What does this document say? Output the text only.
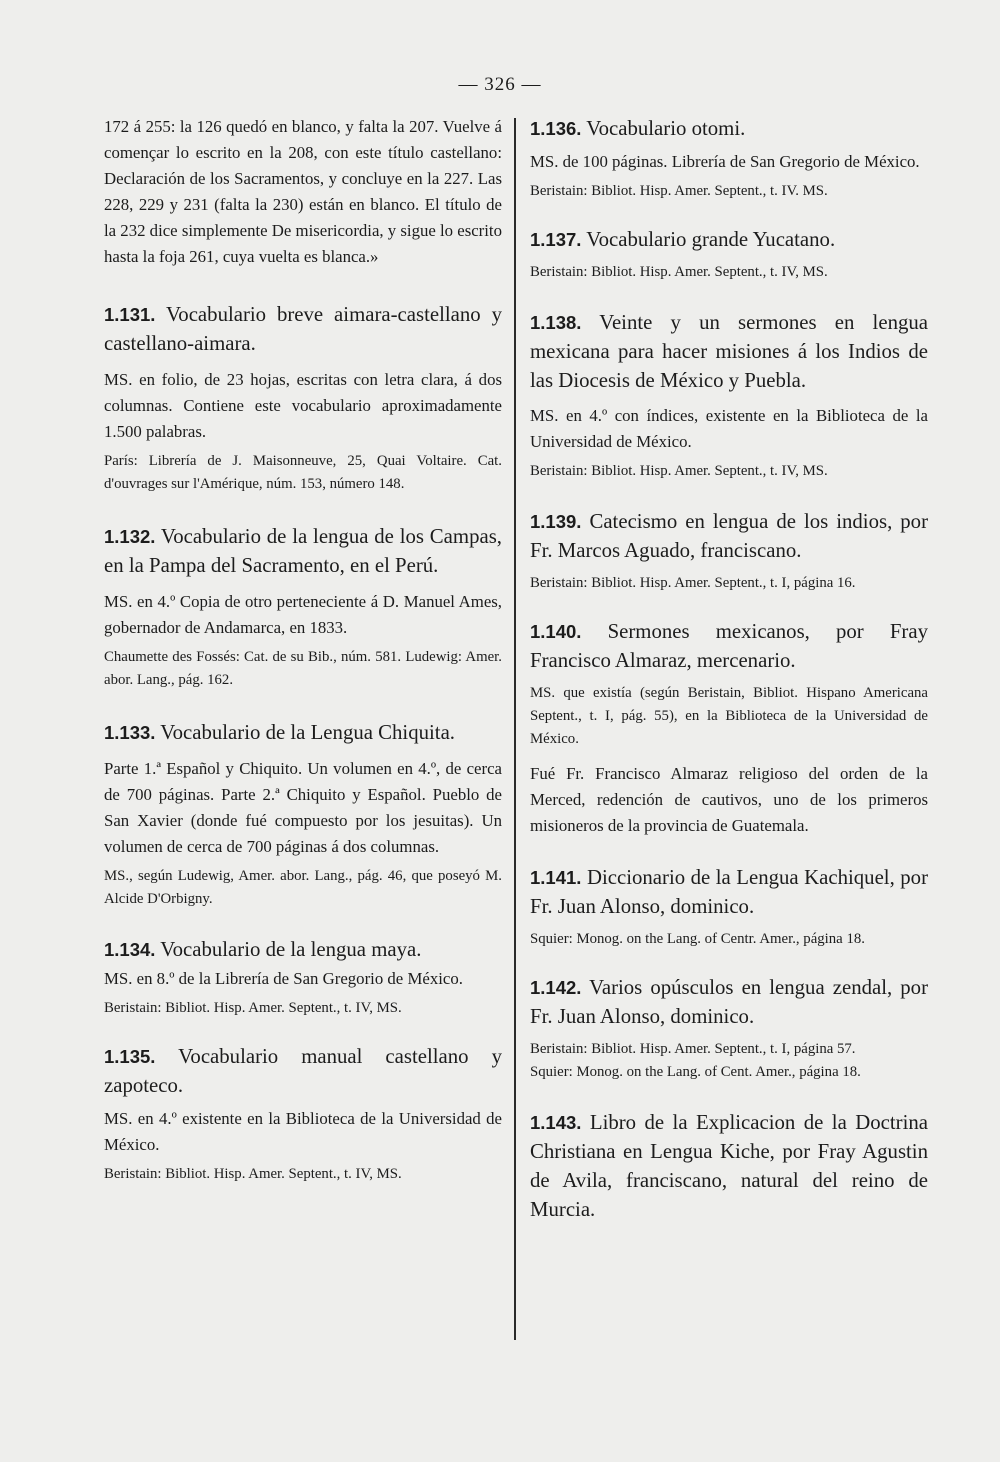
— 326 —

172 á 255: la 126 quedó en blanco, y falta la 207. Vuelve á començar lo escrito en la 208, con este título castellano: Declaración de los Sacramentos, y concluye en la 227. Las 228, 229 y 231 (falta la 230) están en blanco. El título de la 232 dice simplemente De misericordia, y sigue lo escrito hasta la foja 261, cuya vuelta es blanca.»

1.131. Vocabulario breve aimara-castellano y castellano-aimara.

MS. en folio, de 23 hojas, escritas con letra clara, á dos columnas. Contiene este vocabulario aproximadamente 1.500 palabras.

París: Librería de J. Maisonneuve, 25, Quai Voltaire. Cat. d'ouvrages sur l'Amérique, núm. 153, número 148.

1.132. Vocabulario de la lengua de los Campas, en la Pampa del Sacramento, en el Perú.

MS. en 4.º Copia de otro perteneciente á D. Manuel Ames, gobernador de Andamarca, en 1833.

Chaumette des Fossés: Cat. de su Bib., núm. 581. Ludewig: Amer. abor. Lang., pág. 162.

1.133. Vocabulario de la Lengua Chiquita.

Parte 1.ª Español y Chiquito. Un volumen en 4.º, de cerca de 700 páginas. Parte 2.ª Chiquito y Español. Pueblo de San Xavier (donde fué compuesto por los jesuitas). Un volumen de cerca de 700 páginas á dos columnas.

MS., según Ludewig, Amer. abor. Lang., pág. 46, que poseyó M. Alcide D'Orbigny.

1.134. Vocabulario de la lengua maya.

MS. en 8.º de la Librería de San Gregorio de México.

Beristain: Bibliot. Hisp. Amer. Septent., t. IV, MS.

1.135. Vocabulario manual castellano y zapoteco.

MS. en 4.º existente en la Biblioteca de la Universidad de México.

Beristain: Bibliot. Hisp. Amer. Septent., t. IV, MS.

1.136. Vocabulario otomi.

MS. de 100 páginas. Librería de San Gregorio de México.

Beristain: Bibliot. Hisp. Amer. Septent., t. IV. MS.

1.137. Vocabulario grande Yucatano.

Beristain: Bibliot. Hisp. Amer. Septent., t. IV, MS.

1.138. Veinte y un sermones en lengua mexicana para hacer misiones á los Indios de las Diocesis de México y Puebla.

MS. en 4.º con índices, existente en la Biblioteca de la Universidad de México.

Beristain: Bibliot. Hisp. Amer. Septent., t. IV, MS.

1.139. Catecismo en lengua de los indios, por Fr. Marcos Aguado, franciscano.

Beristain: Bibliot. Hisp. Amer. Septent., t. I, página 16.

1.140. Sermones mexicanos, por Fray Francisco Almaraz, mercenario.

MS. que existía (según Beristain, Bibliot. Hispano Americana Septent., t. I, pág. 55), en la Biblioteca de la Universidad de México.

Fué Fr. Francisco Almaraz religioso del orden de la Merced, redención de cautivos, uno de los primeros misioneros de la provincia de Guatemala.

1.141. Diccionario de la Lengua Kachiquel, por Fr. Juan Alonso, dominico.

Squier: Monog. on the Lang. of Centr. Amer., página 18.

1.142. Varios opúsculos en lengua zendal, por Fr. Juan Alonso, dominico.

Beristain: Bibliot. Hisp. Amer. Septent., t. I, página 57.

Squier: Monog. on the Lang. of Cent. Amer., página 18.

1.143. Libro de la Explicacion de la Doctrina Christiana en Lengua Kiche, por Fray Agustin de Avila, franciscano, natural del reino de Murcia.
